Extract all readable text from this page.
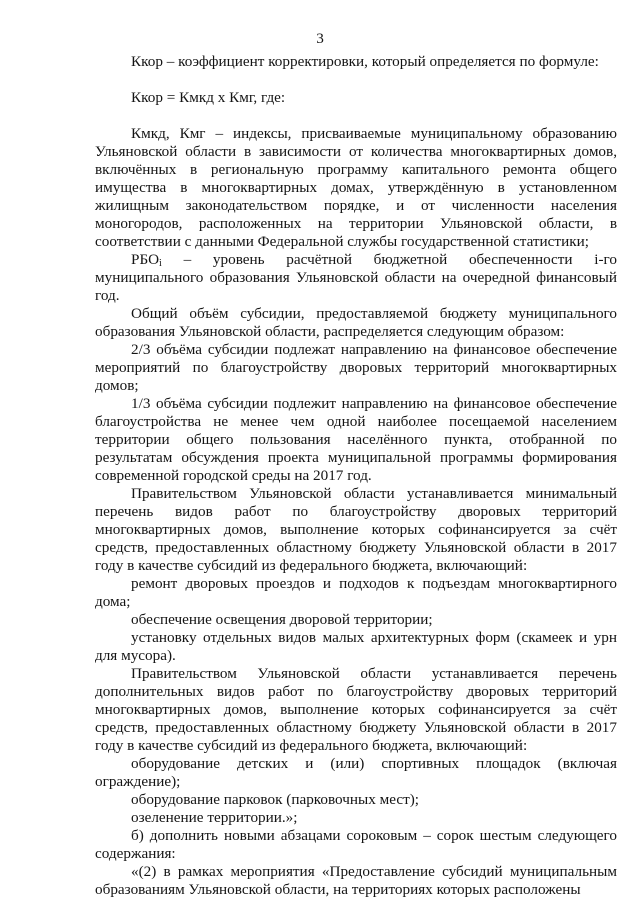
3

Ккор – коэффициент корректировки, который определяется по формуле:

Ккор = Кмкд х Кмг, где:

Кмкд, Кмг – индексы, присваиваемые муниципальному образованию Ульяновской области в зависимости от количества многоквартирных домов, включённых в региональную программу капитального ремонта общего имущества в многоквартирных домах, утверждённую в установленном жилищным законодательством порядке, и от численности населения моногородов, расположенных на территории Ульяновской области, в соответствии с данными Федеральной службы государственной статистики;

$РБО_i$ – уровень расчётной бюджетной обеспеченности i-го муниципального образования Ульяновской области на очередной финансовый год.

Общий объём субсидии, предоставляемой бюджету муниципального образования Ульяновской области, распределяется следующим образом:

2/3 объёма субсидии подлежат направлению на финансовое обеспечение мероприятий по благоустройству дворовых территорий многоквартирных домов;

1/3 объёма субсидии подлежит направлению на финансовое обеспечение благоустройства не менее чем одной наиболее посещаемой населением территории общего пользования населённого пункта, отобранной по результатам обсуждения проекта муниципальной программы формирования современной городской среды на 2017 год.

Правительством Ульяновской области устанавливается минимальный перечень видов работ по благоустройству дворовых территорий многоквартирных домов, выполнение которых софинансируется за счёт средств, предоставленных областному бюджету Ульяновской области в 2017 году в качестве субсидий из федерального бюджета, включающий:

ремонт дворовых проездов и подходов к подъездам многоквартирного дома;

обеспечение освещения дворовой территории;

установку отдельных видов малых архитектурных форм (скамеек и урн для мусора).

Правительством Ульяновской области устанавливается перечень дополнительных видов работ по благоустройству дворовых территорий многоквартирных домов, выполнение которых софинансируется за счёт средств, предоставленных областному бюджету Ульяновской области в 2017 году в качестве субсидий из федерального бюджета, включающий:

оборудование детских и (или) спортивных площадок (включая ограждение);

оборудование парковок (парковочных мест);

озеленение территории.»;

б) дополнить новыми абзацами сороковым – сорок шестым следующего содержания:

«(2) в рамках мероприятия «Предоставление субсидий муниципальным образованиям Ульяновской области, на территориях которых расположены
